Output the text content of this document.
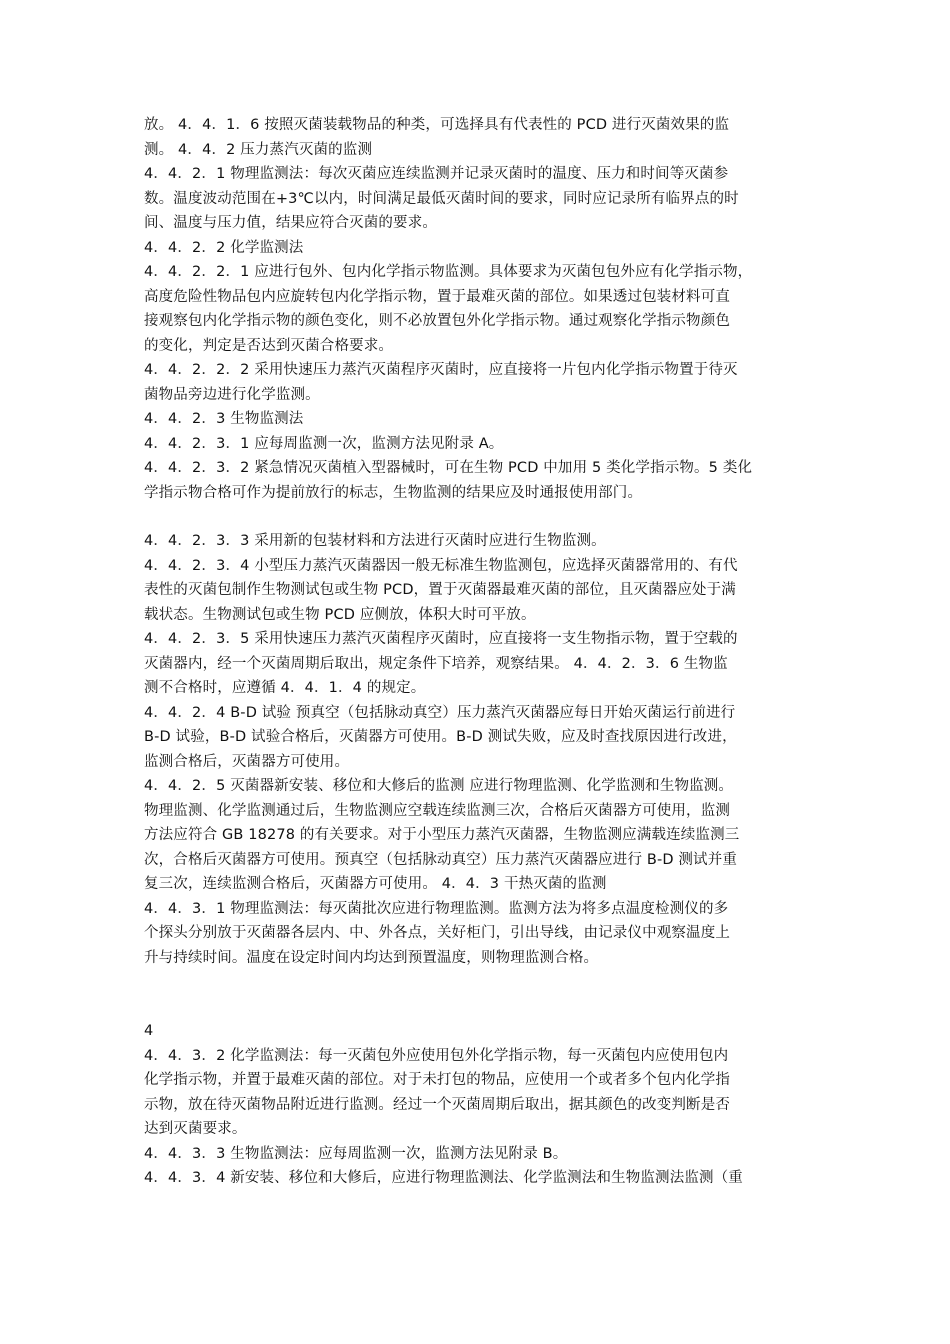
放。 4．4．1．6 按照灭菌装载物品的种类，可选择具有代表性的 PCD 进行灭菌效果的监
测。 4．4．2 压力蒸汽灭菌的监测
4．4．2．1 物理监测法：每次灭菌应连续监测并记录灭菌时的温度、压力和时间等灭菌参
数。温度波动范围在+3℃以内，时间满足最低灭菌时间的要求，同时应记录所有临界点的时
间、温度与压力值，结果应符合灭菌的要求。
4．4．2．2 化学监测法
4．4．2．2．1 应进行包外、包内化学指示物监测。具体要求为灭菌包包外应有化学指示物，
高度危险性物品包内应旋转包内化学指示物，置于最难灭菌的部位。如果透过包装材料可直
接观察包内化学指示物的颜色变化，则不必放置包外化学指示物。通过观察化学指示物颜色
的变化，判定是否达到灭菌合格要求。
4．4．2．2．2 采用快速压力蒸汽灭菌程序灭菌时，应直接将一片包内化学指示物置于待灭
菌物品旁边进行化学监测。
4．4．2．3 生物监测法
4．4．2．3．1 应每周监测一次，监测方法见附录 A。
4．4．2．3．2 紧急情况灭菌植入型器械时，可在生物 PCD 中加用 5 类化学指示物。5 类化
学指示物合格可作为提前放行的标志，生物监测的结果应及时通报使用部门。
4．4．2．3．3 采用新的包装材料和方法进行灭菌时应进行生物监测。
4．4．2．3．4 小型压力蒸汽灭菌器因一般无标准生物监测包，应选择灭菌器常用的、有代
表性的灭菌包制作生物测试包或生物 PCD，置于灭菌器最难灭菌的部位，且灭菌器应处于满
载状态。生物测试包或生物 PCD 应侧放，体积大时可平放。
4．4．2．3．5 采用快速压力蒸汽灭菌程序灭菌时，应直接将一支生物指示物，置于空载的
灭菌器内，经一个灭菌周期后取出，规定条件下培养，观察结果。 4．4．2．3．6 生物监
测不合格时，应遵循 4．4．1．4 的规定。
4．4．2．4 B-D 试验 预真空（包括脉动真空）压力蒸汽灭菌器应每日开始灭菌运行前进行
B-D 试验，B-D 试验合格后，灭菌器方可使用。B-D 测试失败，应及时查找原因进行改进，
监测合格后，灭菌器方可使用。
4．4．2．5 灭菌器新安装、移位和大修后的监测 应进行物理监测、化学监测和生物监测。
物理监测、化学监测通过后，生物监测应空载连续监测三次，合格后灭菌器方可使用，监测
方法应符合 GB 18278 的有关要求。对于小型压力蒸汽灭菌器，生物监测应满载连续监测三
次，合格后灭菌器方可使用。预真空（包括脉动真空）压力蒸汽灭菌器应进行 B-D 测试并重
复三次，连续监测合格后，灭菌器方可使用。 4．4．3 干热灭菌的监测
4．4．3．1 物理监测法：每灭菌批次应进行物理监测。监测方法为将多点温度检测仪的多
个探头分别放于灭菌器各层内、中、外各点，关好柜门，引出导线，由记录仪中观察温度上
升与持续时间。温度在设定时间内均达到预置温度，则物理监测合格。
4
4．4．3．2 化学监测法：每一灭菌包外应使用包外化学指示物，每一灭菌包内应使用包内
化学指示物，并置于最难灭菌的部位。对于未打包的物品，应使用一个或者多个包内化学指
示物，放在待灭菌物品附近进行监测。经过一个灭菌周期后取出，据其颜色的改变判断是否
达到灭菌要求。
4．4．3．3 生物监测法：应每周监测一次，监测方法见附录 B。
4．4．3．4 新安装、移位和大修后，应进行物理监测法、化学监测法和生物监测法监测（重
